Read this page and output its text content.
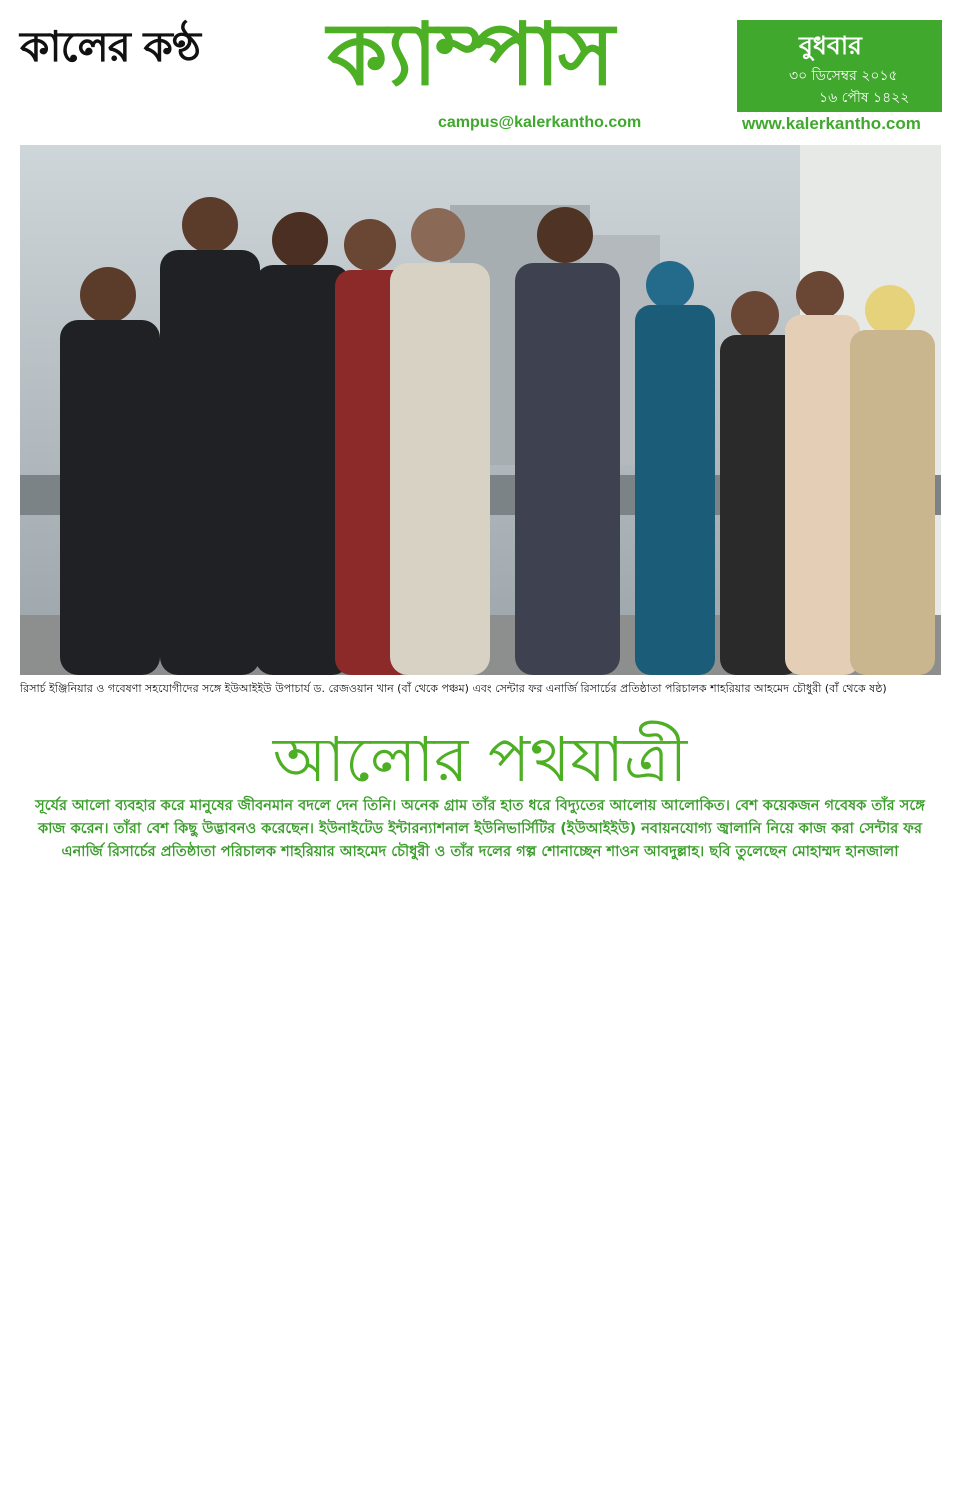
কালের কণ্ঠ	ক্যাম্পাস	বুধবার
৩০ ডিসেম্বর ২০১৫
১৬ পৌষ ১৪২২
campus@kalerkantho.com	www.kalerkantho.com
রিসার্চ ইঞ্জিনিয়ার ও গবেষণা সহযোগীদের সঙ্গে ইউআইইউ উপাচার্য ড. রেজওয়ান খান (বাঁ থেকে পঞ্চম) এবং সেন্টার ফর এনার্জি রিসার্চের প্রতিষ্ঠাতা পরিচালক শাহরিয়ার আহমেদ চৌধুরী (বাঁ থেকে ষষ্ঠ)
আলোর পথযাত্রী
সূর্যের আলো ব্যবহার করে মানুষের জীবনমান বদলে দেন তিনি। অনেক গ্রাম তাঁর হাত ধরে বিদ্যুতের আলোয় আলোকিত। বেশ কয়েকজন গবেষক তাঁর সঙ্গে কাজ করেন। তাঁরা বেশ কিছু উদ্ভাবনও করেছেন। ইউনাইটেড ইন্টারন্যাশনাল ইউনিভার্সিটির (ইউআইইউ) নবায়নযোগ্য জ্বালানি নিয়ে কাজ করা সেন্টার ফর এনার্জি রিসার্চের প্রতিষ্ঠাতা পরিচালক শাহরিয়ার আহমেদ চৌধুরী ও তাঁর দলের গল্প শোনাচ্ছেন শাওন আবদুল্লাহ। ছবি তুলেছেন মোহাম্মদ হানজালা
